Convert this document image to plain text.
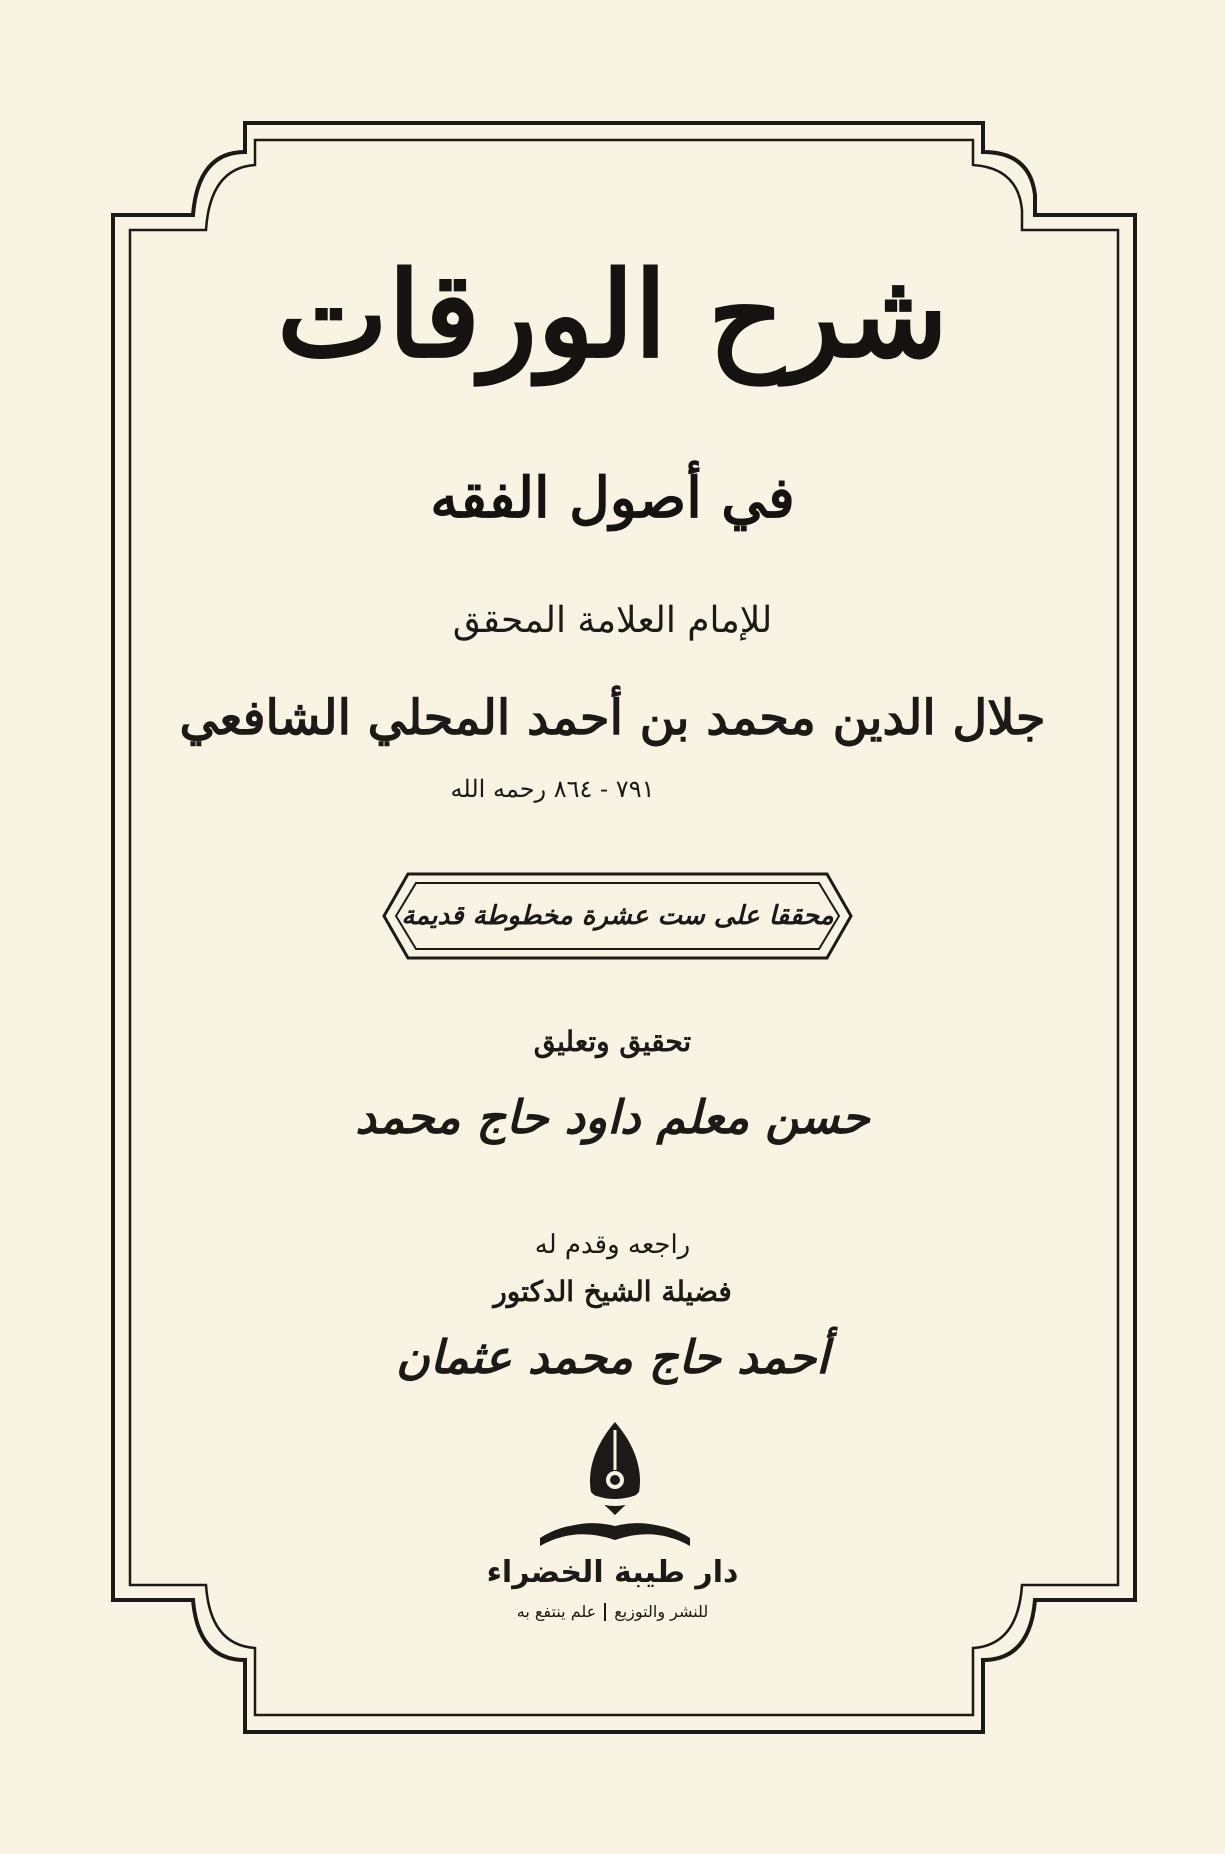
شرح الورقات
في أصول الفقه
للإمام العلامة المحقق
جلال الدين محمد بن أحمد المحلي الشافعي
٧٩١ - ٨٦٤ رحمه الله
محققا على ست عشرة مخطوطة قديمة
تحقيق وتعليق
حسن معلم داود حاج محمد
راجعه وقدم له
فضيلة الشيخ الدكتور
أحمد حاج محمد عثمان
دار طيبة الخضراء
للنشر والتوزيع
علم ينتفع به
